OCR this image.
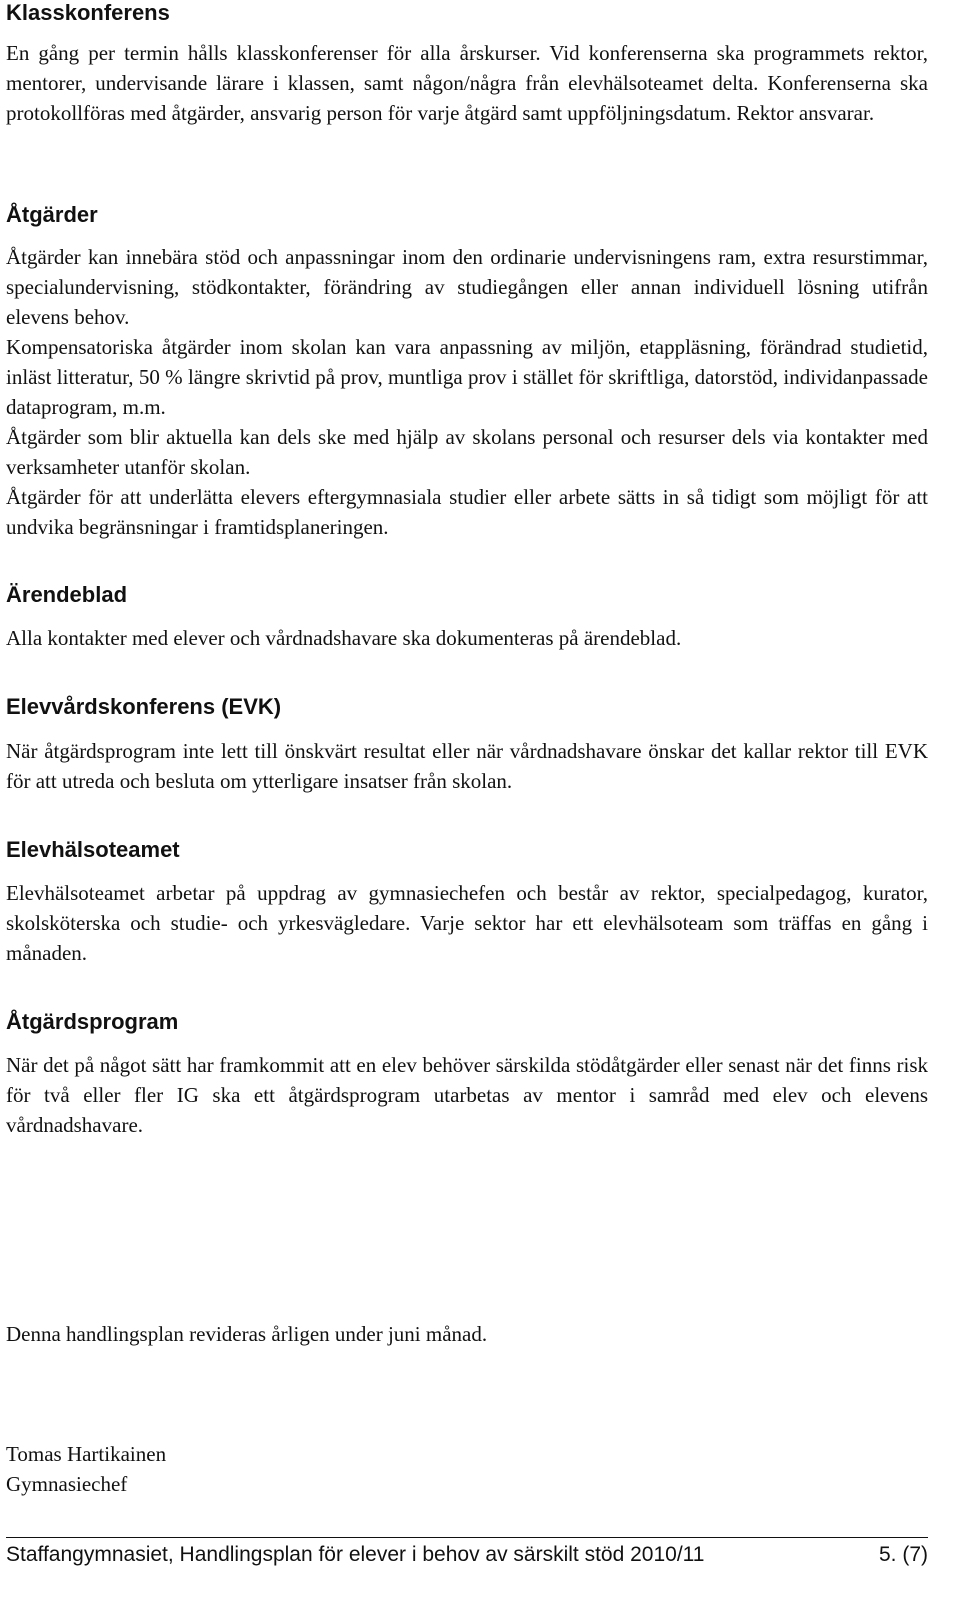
Klasskonferens

En gång per termin hålls klasskonferenser för alla årskurser. Vid konferenserna ska programmets rektor, mentorer, undervisande lärare i klassen, samt någon/några från elevhälsoteamet delta. Konferenserna ska protokollföras med åtgärder, ansvarig person för varje åtgärd samt uppföljningsdatum. Rektor ansvarar.

Åtgärder

Åtgärder kan innebära stöd och anpassningar inom den ordinarie undervisningens ram, extra resurstimmar, specialundervisning, stödkontakter, förändring av studiegången eller annan individuell lösning utifrån elevens behov.

Kompensatoriska åtgärder inom skolan kan vara anpassning av miljön, etappläsning, förändrad studietid, inläst litteratur, 50 % längre skrivtid på prov, muntliga prov i stället för skriftliga, datorstöd, individanpassade dataprogram, m.m.

Åtgärder som blir aktuella kan dels ske med hjälp av skolans personal och resurser dels via kontakter med verksamheter utanför skolan.

Åtgärder för att underlätta elevers eftergymnasiala studier eller arbete sätts in så tidigt som möjligt för att undvika begränsningar i framtidsplaneringen.

Ärendeblad

Alla kontakter med elever och vårdnadshavare ska dokumenteras på ärendeblad.

Elevvårdskonferens (EVK)

När åtgärdsprogram inte lett till önskvärt resultat eller när vårdnadshavare önskar det kallar rektor till EVK för att utreda och besluta om ytterligare insatser från skolan.

Elevhälsoteamet

Elevhälsoteamet arbetar på uppdrag av gymnasiechefen och består av rektor, specialpedagog, kurator, skolsköterska och studie- och yrkesvägledare. Varje sektor har ett elevhälsoteam som träffas en gång i månaden.

Åtgärdsprogram

När det på något sätt har framkommit att en elev behöver särskilda stödåtgärder eller senast när det finns risk för två eller fler IG ska ett åtgärdsprogram utarbetas av mentor i samråd med elev och elevens vårdnadshavare.

Denna handlingsplan revideras årligen under juni månad.

Tomas Hartikainen

Gymnasiechef

Staffangymnasiet, Handlingsplan för elever i behov av särskilt stöd 2010/11	5. (7)
